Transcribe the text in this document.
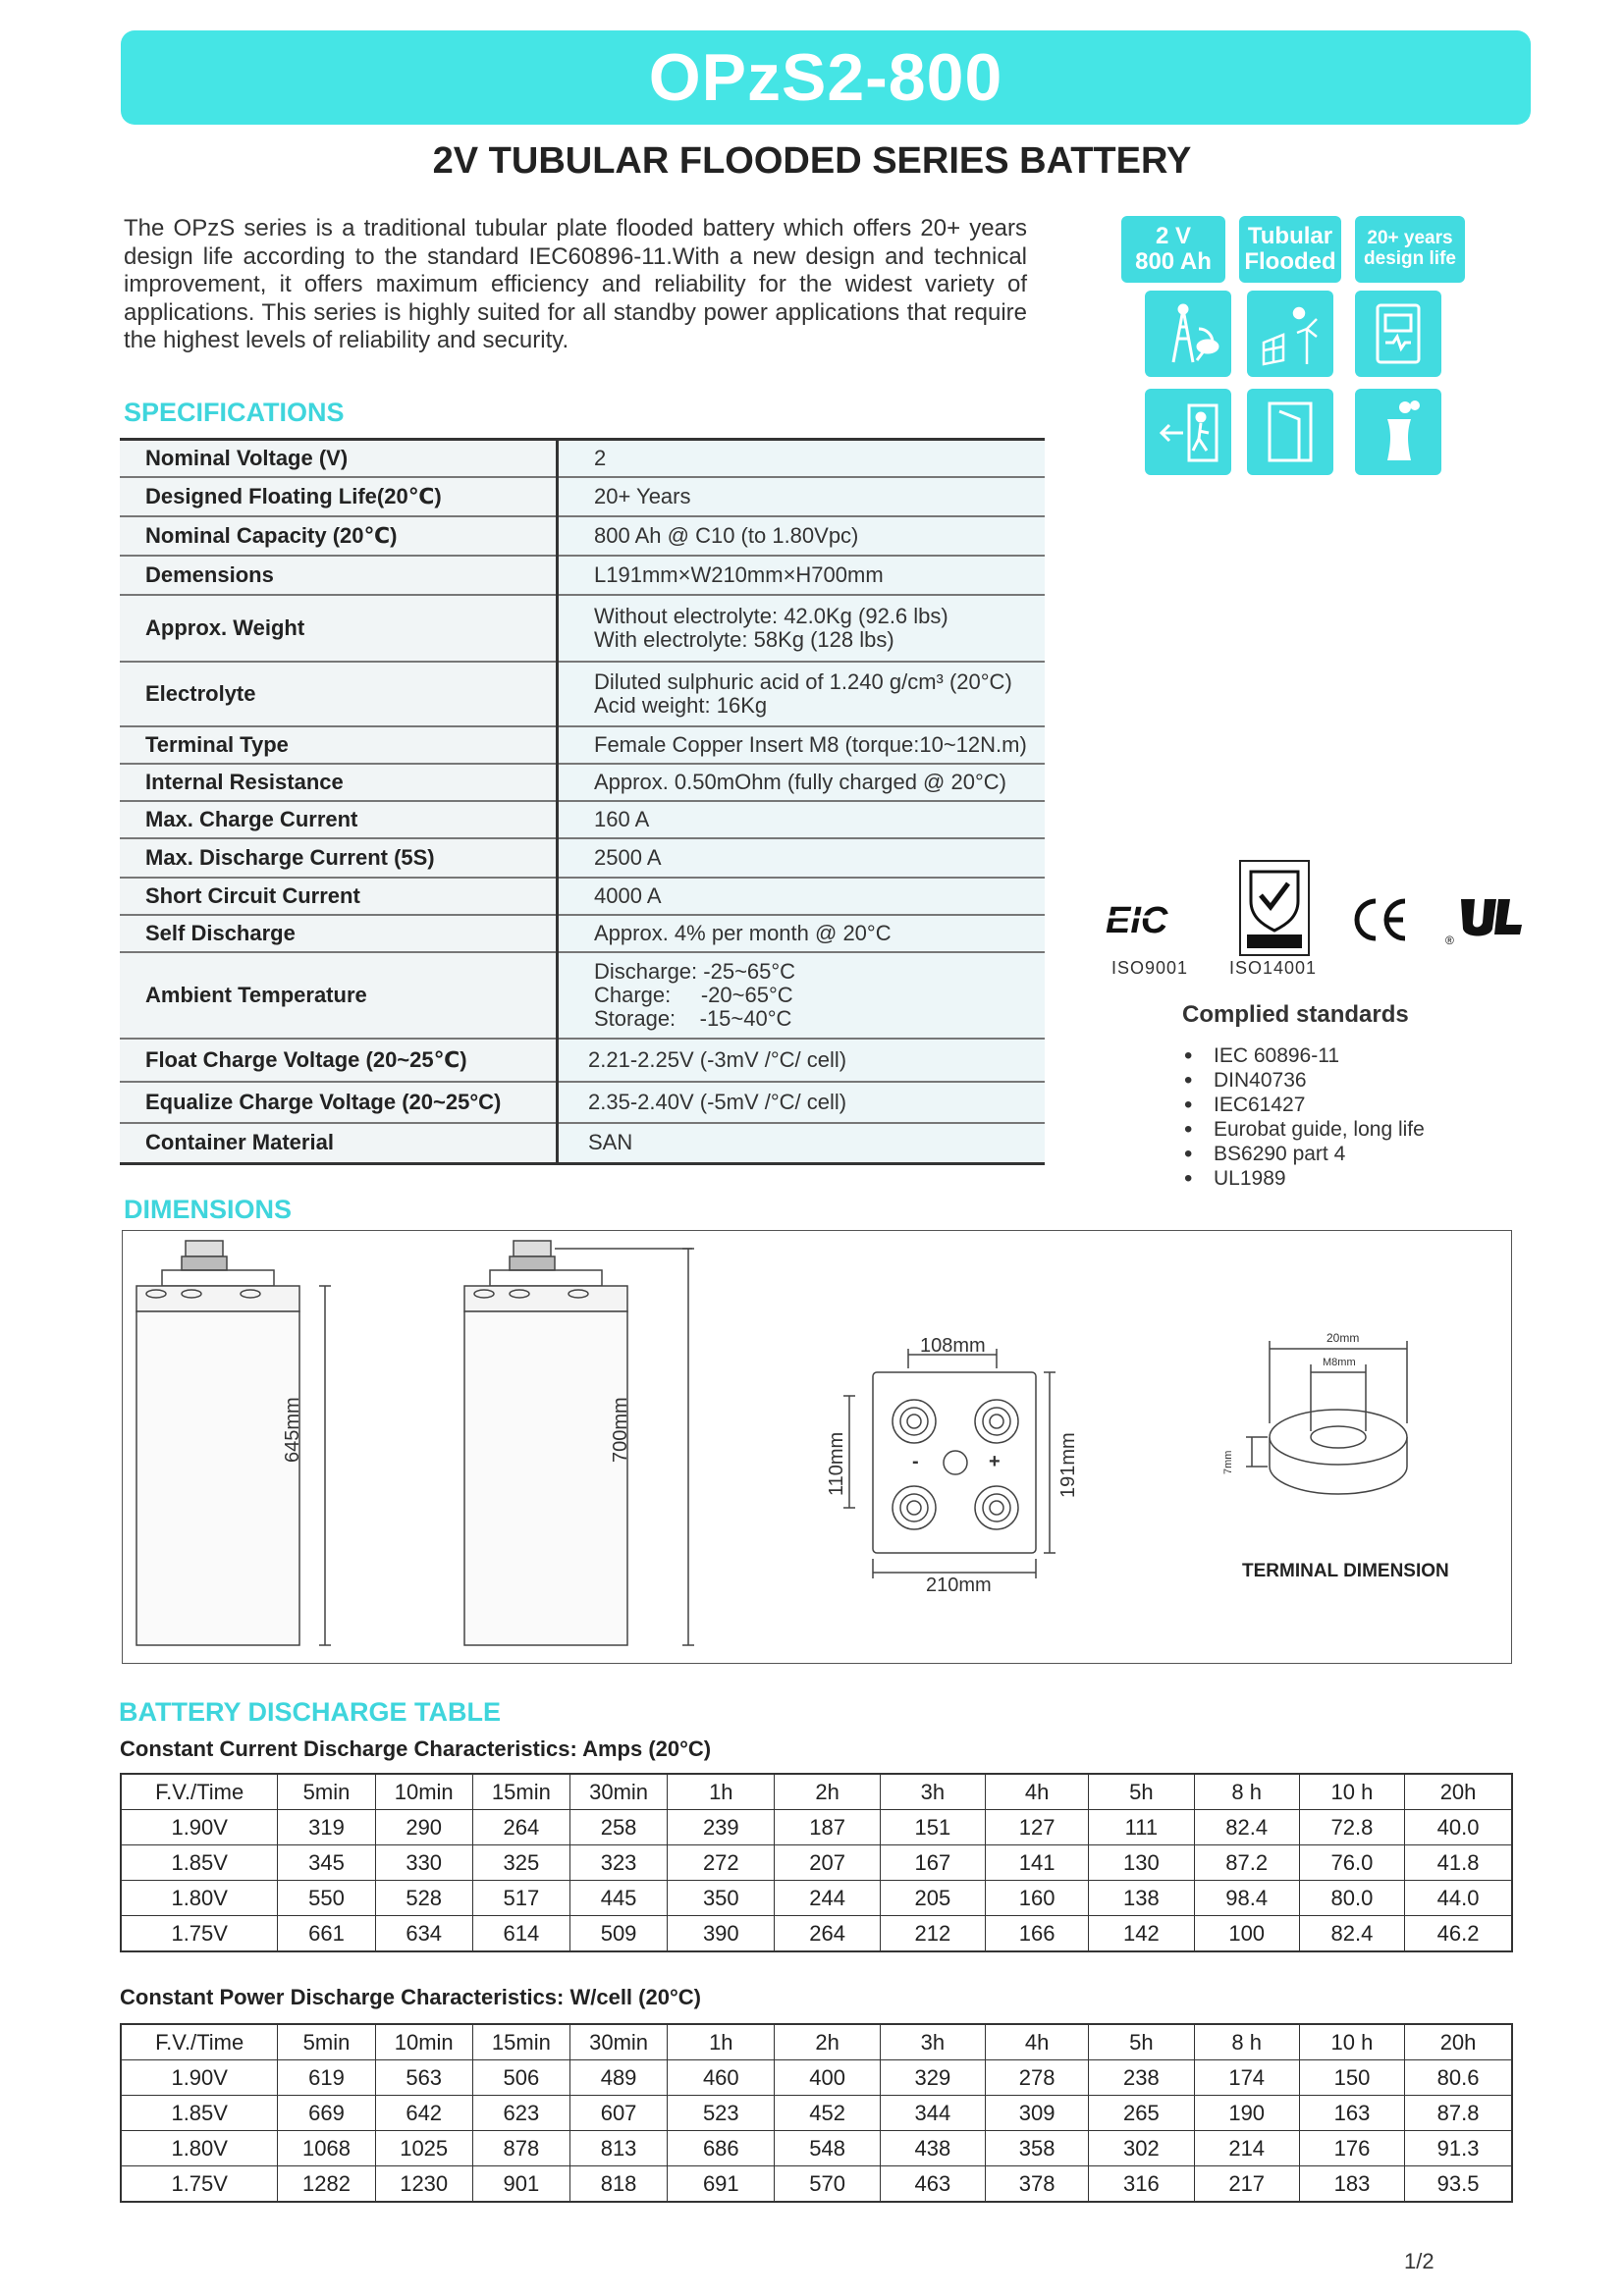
OPzS2-800
2V TUBULAR FLOODED SERIES BATTERY
The OPzS series is a traditional tubular plate flooded battery which offers 20+ years design life according to the standard IEC60896-11.With a new design and technical improvement, it offers maximum efficiency and reliability for the widest variety of applications. This series is highly suited for all standby power applications that require the highest levels of reliability and security.
2 V
800 Ah
Tubular
Flooded
20+ years
design life
SPECIFICATIONS
Nominal Voltage (V)	2
Designed Floating Life(20℃)	20+ Years
Nominal Capacity (20℃)	800 Ah @ C10 (to 1.80Vpc)
Demensions	L191mm×W210mm×H700mm
Approx. Weight	Without electrolyte: 42.0Kg (92.6 lbs)
With electrolyte: 58Kg (128 lbs)

Electrolyte	Diluted sulphuric acid of 1.240 g/cm³ (20°C)
Acid weight: 16Kg

Terminal Type	Female Copper Insert M8 (torque:10~12N.m)
Internal Resistance	Approx. 0.50mOhm (fully charged @ 20°C)
Max. Charge Current	160 A
Max. Discharge Current (5S)	2500 A
Short Circuit Current	4000 A
Self Discharge	Approx. 4% per month @ 20°C
Ambient Temperature	Discharge: -25~65°C
Charge:     -20~65°C
Storage:    -15~40°C

Float Charge Voltage (20~25℃)	2.21-2.25V (-3mV /°C/ cell)
Equalize Charge Voltage (20~25°C)	2.35-2.40V (-5mV /°C/ cell)
Container Material	SAN
EIC	®
ISO9001 ISO14001
Complied standards
• IEC 60896-11
• DIN40736
• IEC61427
• Eurobat guide, long life
• BS6290 part 4
• UL1989
DIMENSIONS
645mm	700mm
108mm
110mm	191mm
210mm
-	+
20mm
M8mm
7mm
TERMINAL DIMENSION
BATTERY DISCHARGE TABLE
Constant Current Discharge Characteristics: Amps (20°C)
F.V./Time	5min	10min	15min	30min	1h	2h	3h	4h	5h	8 h	10 h	20h
1.90V	319	290	264	258	239	187	151	127	111	82.4	72.8	40.0
1.85V	345	330	325	323	272	207	167	141	130	87.2	76.0	41.8
1.80V	550	528	517	445	350	244	205	160	138	98.4	80.0	44.0
1.75V	661	634	614	509	390	264	212	166	142	100	82.4	46.2
Constant Power Discharge Characteristics: W/cell (20°C)
F.V./Time	5min	10min	15min	30min	1h	2h	3h	4h	5h	8 h	10 h	20h
1.90V	619	563	506	489	460	400	329	278	238	174	150	80.6
1.85V	669	642	623	607	523	452	344	309	265	190	163	87.8
1.80V	1068	1025	878	813	686	548	438	358	302	214	176	91.3
1.75V	1282	1230	901	818	691	570	463	378	316	217	183	93.5
1/2
